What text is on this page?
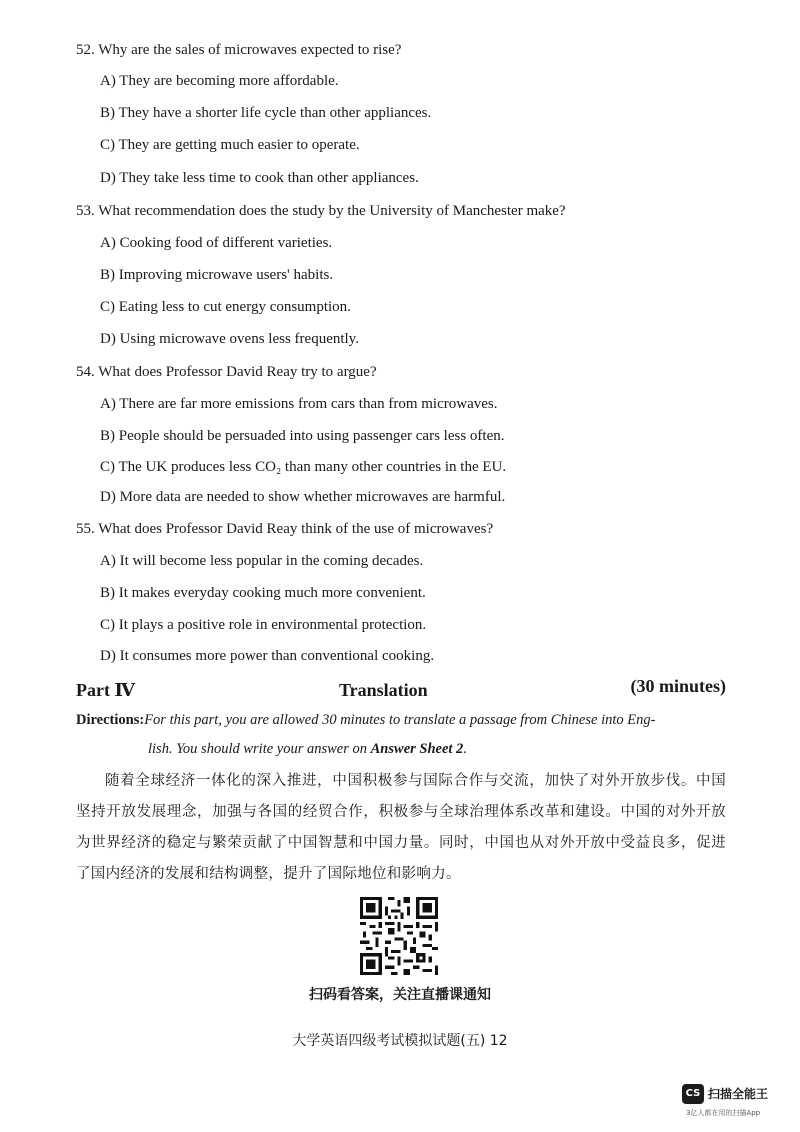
52. Why are the sales of microwaves expected to rise?
A) They are becoming more affordable.
B) They have a shorter life cycle than other appliances.
C) They are getting much easier to operate.
D) They take less time to cook than other appliances.
53. What recommendation does the study by the University of Manchester make?
A) Cooking food of different varieties.
B) Improving microwave users' habits.
C) Eating less to cut energy consumption.
D) Using microwave ovens less frequently.
54. What does Professor David Reay try to argue?
A) There are far more emissions from cars than from microwaves.
B) People should be persuaded into using passenger cars less often.
C) The UK produces less CO₂ than many other countries in the EU.
D) More data are needed to show whether microwaves are harmful.
55. What does Professor David Reay think of the use of microwaves?
A) It will become less popular in the coming decades.
B) It makes everyday cooking much more convenient.
C) It plays a positive role in environmental protection.
D) It consumes more power than conventional cooking.
Part Ⅳ	Translation	(30 minutes)
Directions:For this part, you are allowed 30 minutes to translate a passage from Chinese into Eng-
lish. You should write your answer on Answer Sheet 2.
随着全球经济一体化的深入推进，中国积极参与国际合作与交流，加快了对外开放步伐。中国坚持开放发展理念，加强与各国的经贸合作，积极参与全球治理体系改革和建设。中国的对外开放为世界经济的稳定与繁荣贡献了中国智慧和中国力量。同时，中国也从对外开放中受益良多，促进了国内经济的发展和结构调整，提升了国际地位和影响力。
扫码看答案，关注直播课通知
大学英语四级考试模拟试题(五) 12
CS 扫描全能王
3亿人都在用的扫描App
